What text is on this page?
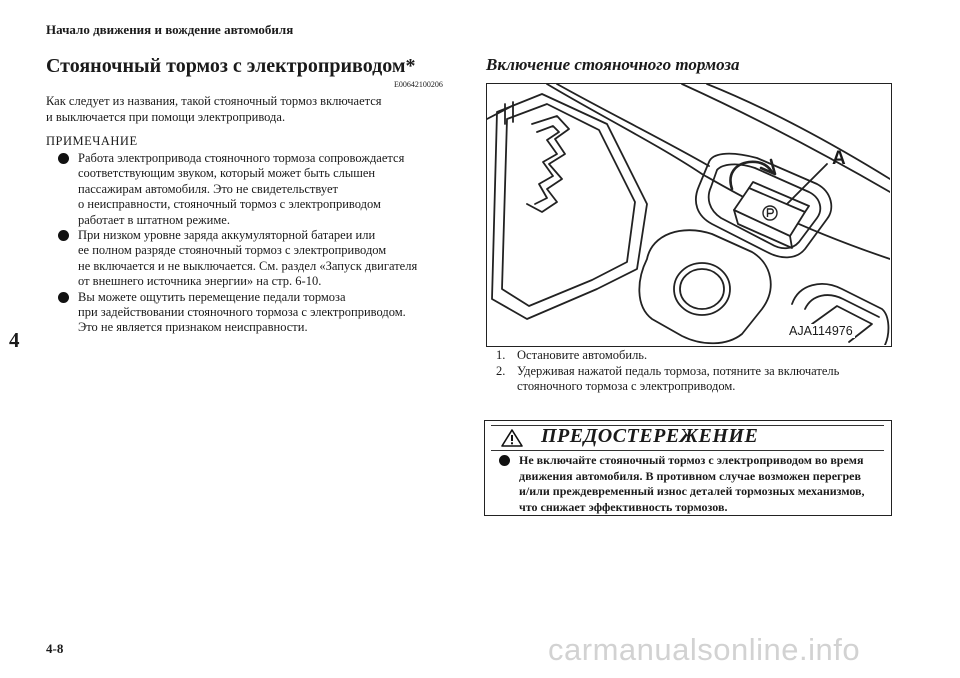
Начало движения и вождение автомобиля
4
4-8	carmanualsonline.info
Стояночный тормоз с электроприводом*
E00642100206
Как следует из названия, такой стояночный тормоз включается
и выключается при помощи электропривода.
ПРИМЕЧАНИЕ
Работа электропривода стояночного тормоза сопровождается
соответствующим звуком, который может быть слышен
пассажирам автомобиля. Это не свидетельствует
о неисправности, стояночный тормоз с электроприводом
работает в штатном режиме.
При низком уровне заряда аккумуляторной батареи или
ее полном разряде стояночный тормоз с электроприводом
не включается и не выключается. См. раздел «Запуск двигателя
от внешнего источника энергии» на стр. 6-10.
Вы можете ощутить перемещение педали тормоза
при задействовании стояночного тормоза с электроприводом.
Это не является признаком неисправности.
Включение стояночного тормоза
A
AJA114976
1. Остановите автомобиль.
2. Удерживая нажатой педаль тормоза, потяните за включатель
стояночного тормоза с электроприводом.
ПРЕДОСТЕРЕЖЕНИЕ
Не включайте стояночный тормоз с электроприводом во время
движения автомобиля. В противном случае возможен перегрев
и/или преждевременный износ деталей тормозных механизмов,
что снижает эффективность тормозов.
